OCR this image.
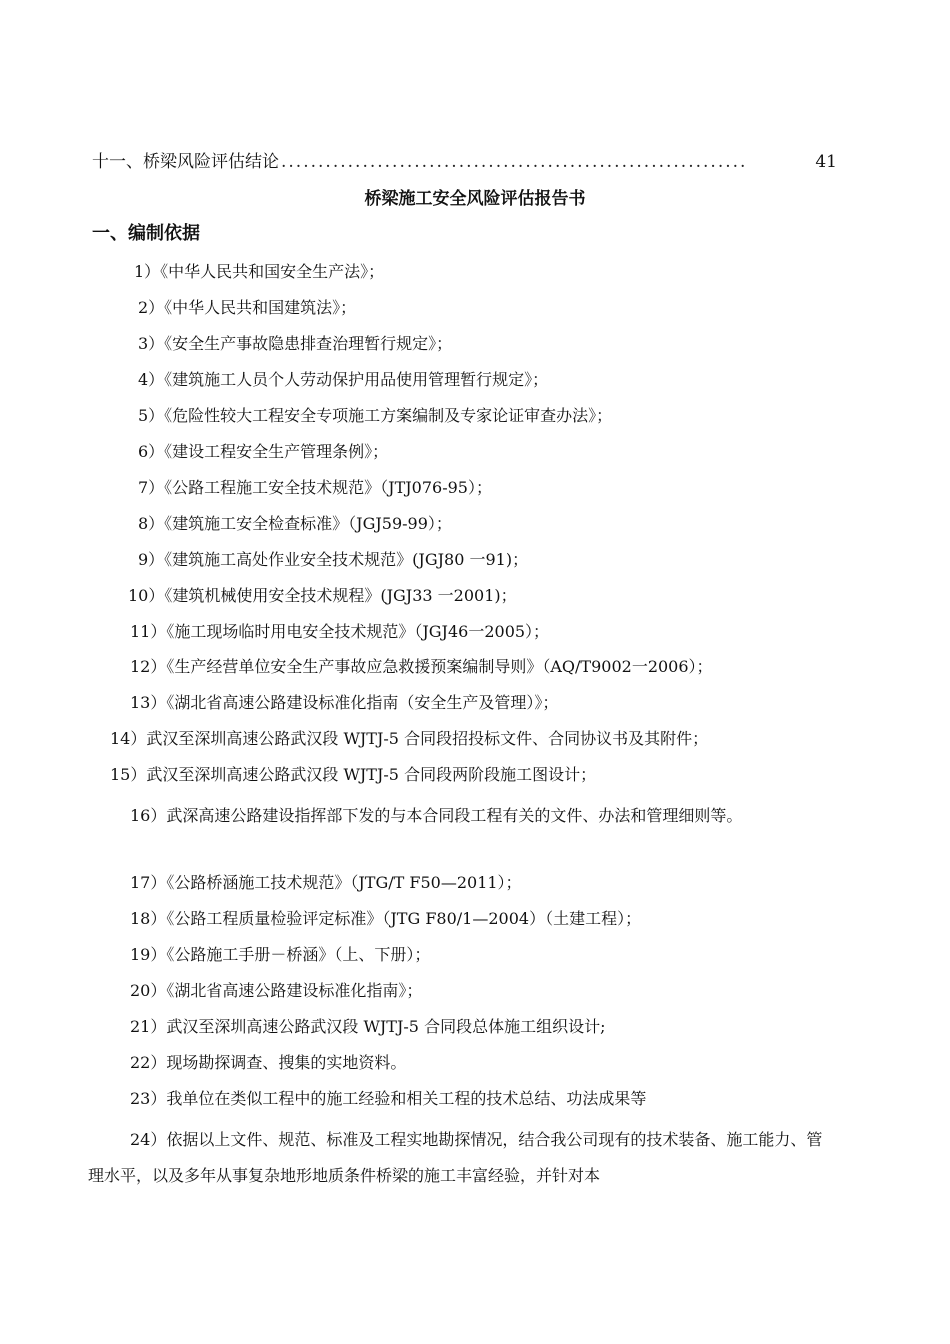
十一、桥梁风险评估结论 ...............................................................	41
桥梁施工安全风险评估报告书
一、编制依据
1）《中华人民共和国安全生产法》；
2）《中华人民共和国建筑法》；
3）《安全生产事故隐患排查治理暂行规定》；
4）《建筑施工人员个人劳动保护用品使用管理暂行规定》；
5）《危险性较大工程安全专项施工方案编制及专家论证审查办法》；
6）《建设工程安全生产管理条例》；
7）《公路工程施工安全技术规范》（JTJ076-95）；
8）《建筑施工安全检查标准》（JGJ59-99）；
9）《建筑施工高处作业安全技术规范》(JGJ80 一91)；
10）《建筑机械使用安全技术规程》(JGJ33 一2001)；
11）《施工现场临时用电安全技术规范》（JGJ46一2005）；
12）《生产经营单位安全生产事故应急救援预案编制导则》（AQ/T9002一2006）；
13）《湖北省高速公路建设标准化指南（安全生产及管理）》；
14）武汉至深圳高速公路武汉段 WJTJ-5 合同段招投标文件、合同协议书及其附件；
15）武汉至深圳高速公路武汉段 WJTJ-5 合同段两阶段施工图设计；
16）武深高速公路建设指挥部下发的与本合同段工程有关的文件、办法和管理细则等。
17）《公路桥涵施工技术规范》（JTG/T F50—2011）；
18）《公路工程质量检验评定标准》（JTG F80/1—2004）（土建工程）；
19）《公路施工手册－桥涵》（上、下册）；
20）《湖北省高速公路建设标准化指南》；
21）武汉至深圳高速公路武汉段 WJTJ-5 合同段总体施工组织设计;
22）现场勘探调查、搜集的实地资料。
23）我单位在类似工程中的施工经验和相关工程的技术总结、功法成果等
24）依据以上文件、规范、标准及工程实地勘探情况，结合我公司现有的技术装备、施工能力、管理水平，以及多年从事复杂地形地质条件桥梁的施工丰富经验，并针对本
